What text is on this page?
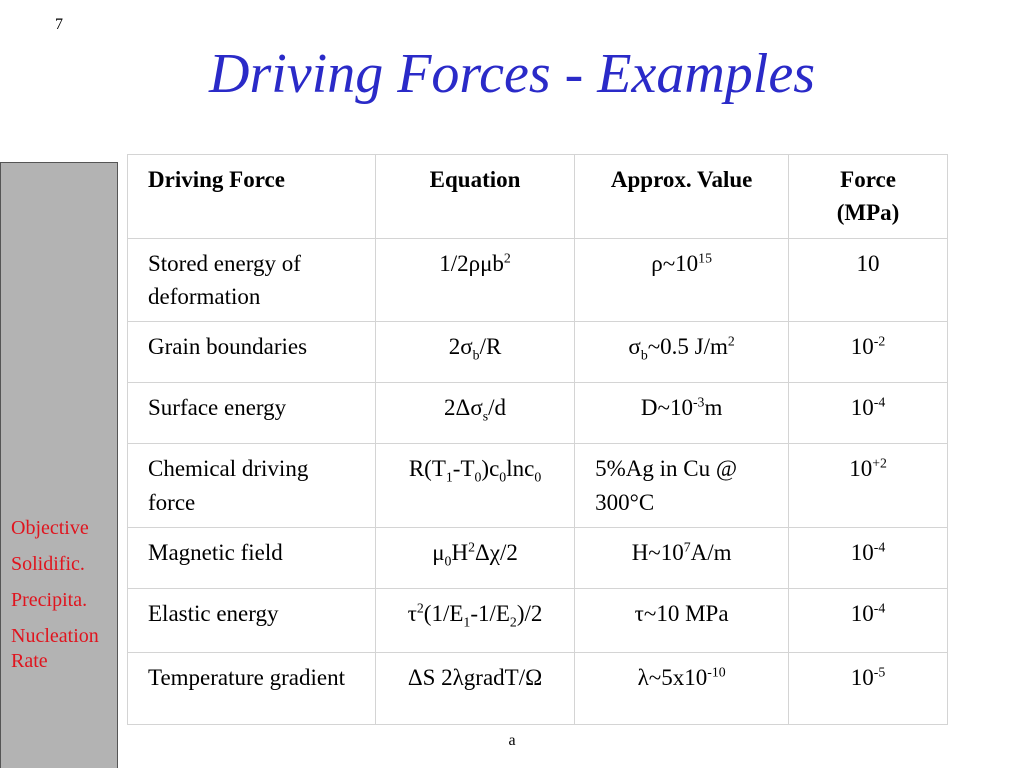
7
Driving Forces - Examples
Objective
Solidific.
Precipita.
Nucleation
Rate
Driving Force	Equation	Approx. Value	Force (MPa)
Stored energy of deformation	1/2ρμb$^2$	$\rho\sim 10^{15}$	10
Grain boundaries	$2\sigma_b/R$	$\sigma_b\sim 0.5$ $J/m^2$	$10^{-2}$
Surface energy	$2\Delta\sigma_s/d$	$D\sim 10^{-3}m$	$10^{-4}$
Chemical driving force	$R(T_1-T_0)c_0\ln c_0$	5%Ag in Cu @ 300°C	$10^{+2}$
Magnetic field	$\mu_0H^2\Delta\chi/2$	$H\sim 10^7A/m$	$10^{-4}$
Elastic energy	$\tau^2(1/E_1-1/E_2)/2$	τ~10 MPa	$10^{-4}$
Temperature gradient	ΔS 2λgradT/Ω	$\lambda\sim 5x10^{-10}$	$10^{-5}$
a
